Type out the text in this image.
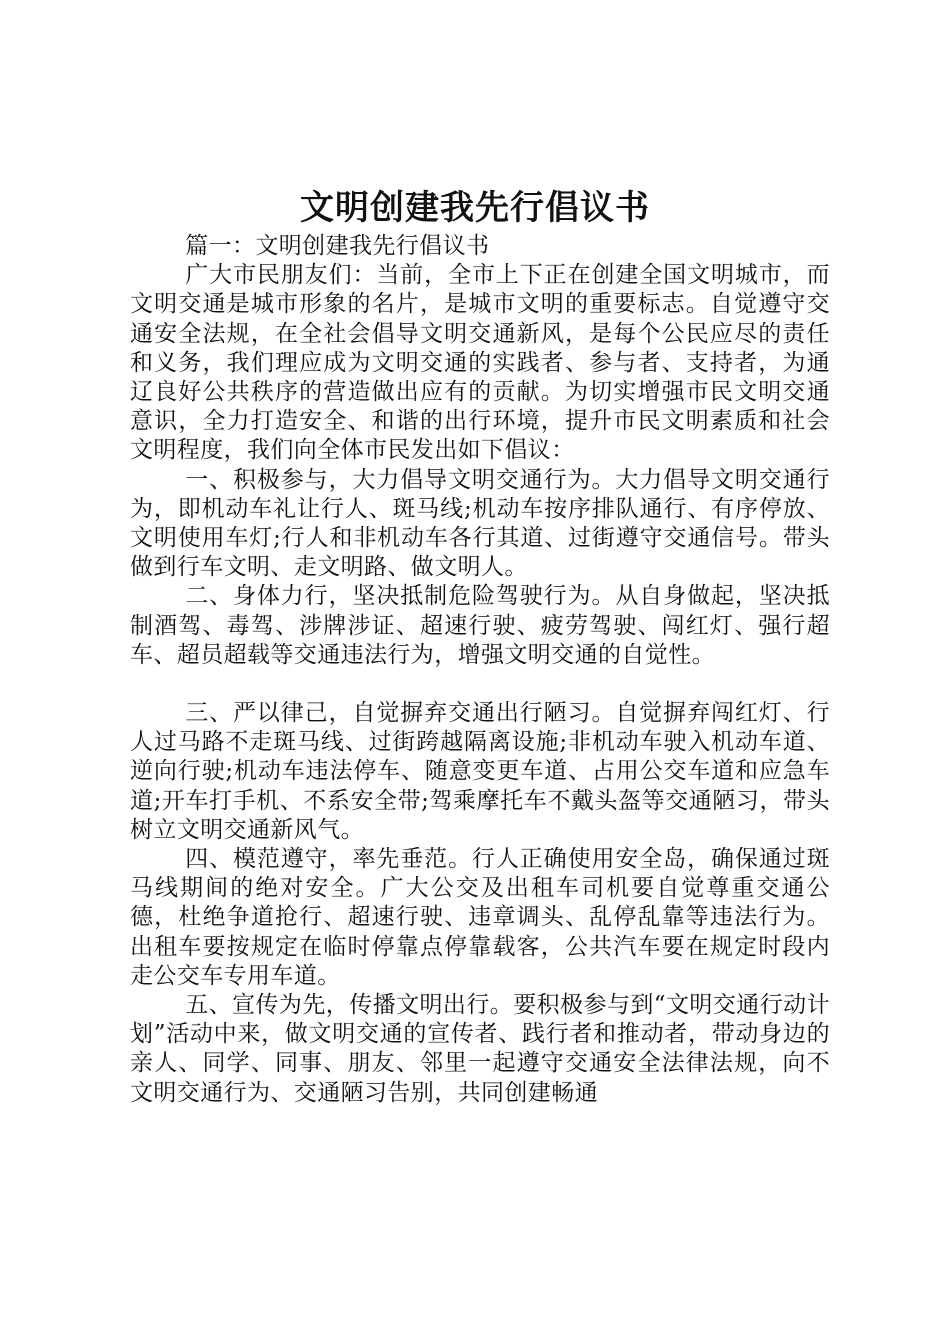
文明创建我先行倡议书

篇一：文明创建我先行倡议书

广大市民朋友们：当前，全市上下正在创建全国文明城市，而文明交通是城市形象的名片，是城市文明的重要标志。自觉遵守交通安全法规，在全社会倡导文明交通新风，是每个公民应尽的责任和义务，我们理应成为文明交通的实践者、参与者、支持者，为通辽良好公共秩序的营造做出应有的贡献。为切实增强市民文明交通意识，全力打造安全、和谐的出行环境，提升市民文明素质和社会文明程度，我们向全体市民发出如下倡议：

一、积极参与，大力倡导文明交通行为。大力倡导文明交通行为，即机动车礼让行人、斑马线;机动车按序排队通行、有序停放、文明使用车灯;行人和非机动车各行其道、过街遵守交通信号。带头做到行车文明、走文明路、做文明人。

二、身体力行，坚决抵制危险驾驶行为。从自身做起，坚决抵制酒驾、毒驾、涉牌涉证、超速行驶、疲劳驾驶、闯红灯、强行超车、超员超载等交通违法行为，增强文明交通的自觉性。

三、严以律己，自觉摒弃交通出行陋习。自觉摒弃闯红灯、行人过马路不走斑马线、过街跨越隔离设施;非机动车驶入机动车道、逆向行驶;机动车违法停车、随意变更车道、占用公交车道和应急车道;开车打手机、不系安全带;驾乘摩托车不戴头盔等交通陋习，带头树立文明交通新风气。

四、模范遵守，率先垂范。行人正确使用安全岛，确保通过斑马线期间的绝对安全。广大公交及出租车司机要自觉尊重交通公德，杜绝争道抢行、超速行驶、违章调头、乱停乱靠等违法行为。出租车要按规定在临时停靠点停靠载客，公共汽车要在规定时段内走公交车专用车道。

五、宣传为先，传播文明出行。要积极参与到“文明交通行动计划”活动中来，做文明交通的宣传者、践行者和推动者，带动身边的亲人、同学、同事、朋友、邻里一起遵守交通安全法律法规，向不文明交通行为、交通陋习告别，共同创建畅通
